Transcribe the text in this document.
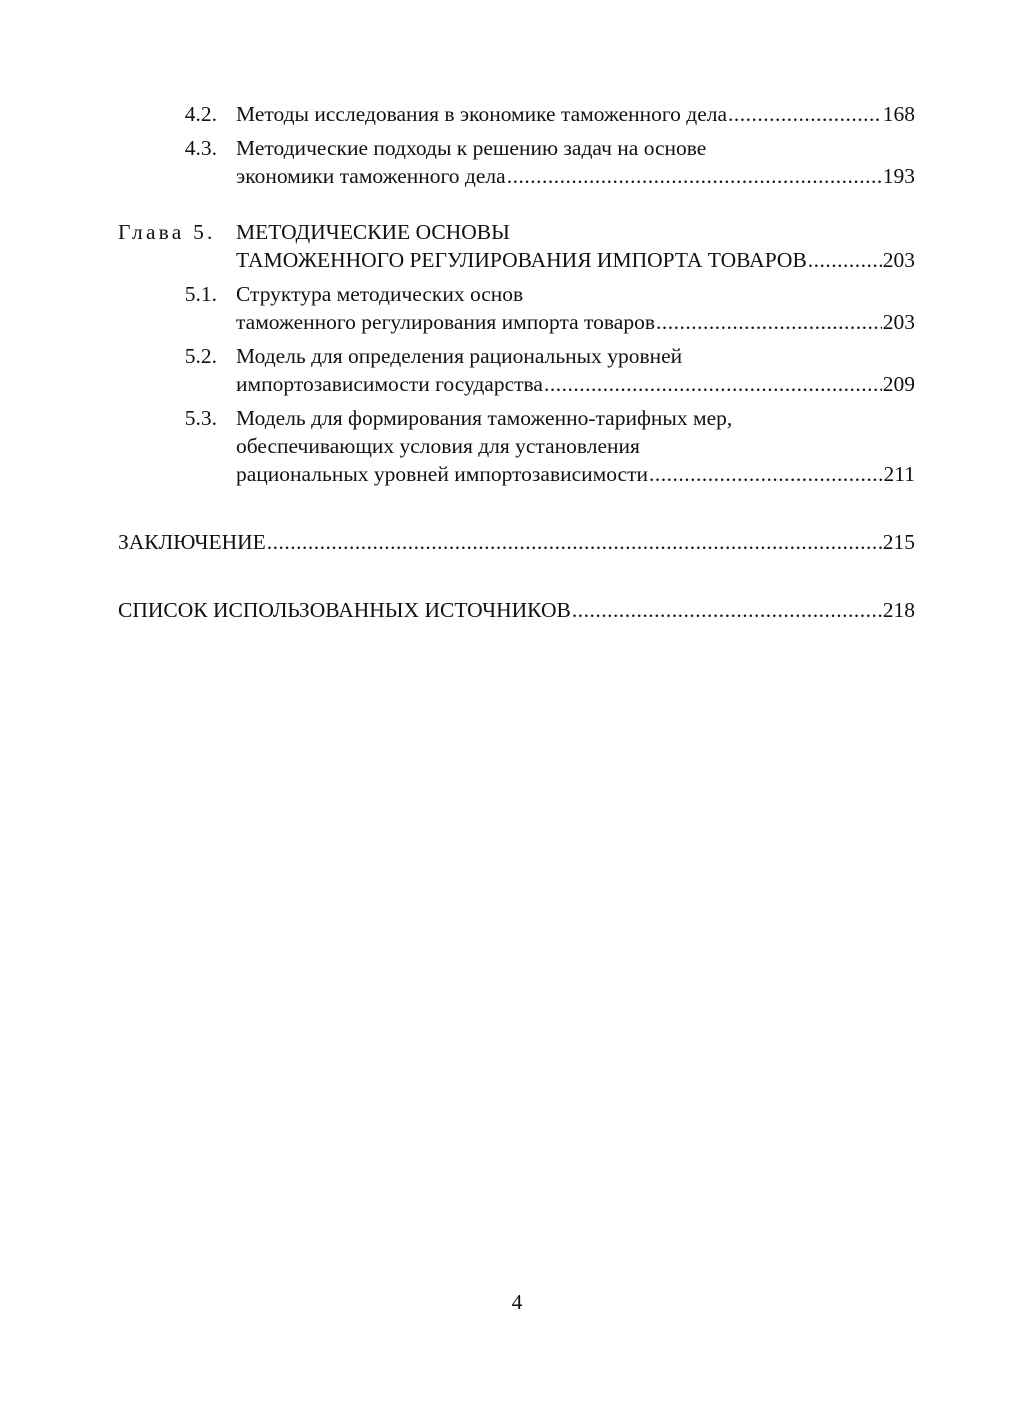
4.2. Методы исследования в экономике таможенного дела .....	168
4.3. Методические подходы к решению задач на основе
экономики таможенного дела .....	193
Глава 5. МЕТОДИЧЕСКИЕ ОСНОВЫ
ТАМОЖЕННОГО РЕГУЛИРОВАНИЯ ИМПОРТА ТОВАРОВ .....	203
5.1. Структура методических основ
таможенного регулирования импорта товаров .....	203
5.2. Модель для определения рациональных уровней
импортозависимости государства .....	209
5.3. Модель для формирования таможенно-тарифных мер,
обеспечивающих условия для установления
рациональных уровней импортозависимости .....	211
ЗАКЛЮЧЕНИЕ .....	215
СПИСОК ИСПОЛЬЗОВАННЫХ ИСТОЧНИКОВ .....	218
4
